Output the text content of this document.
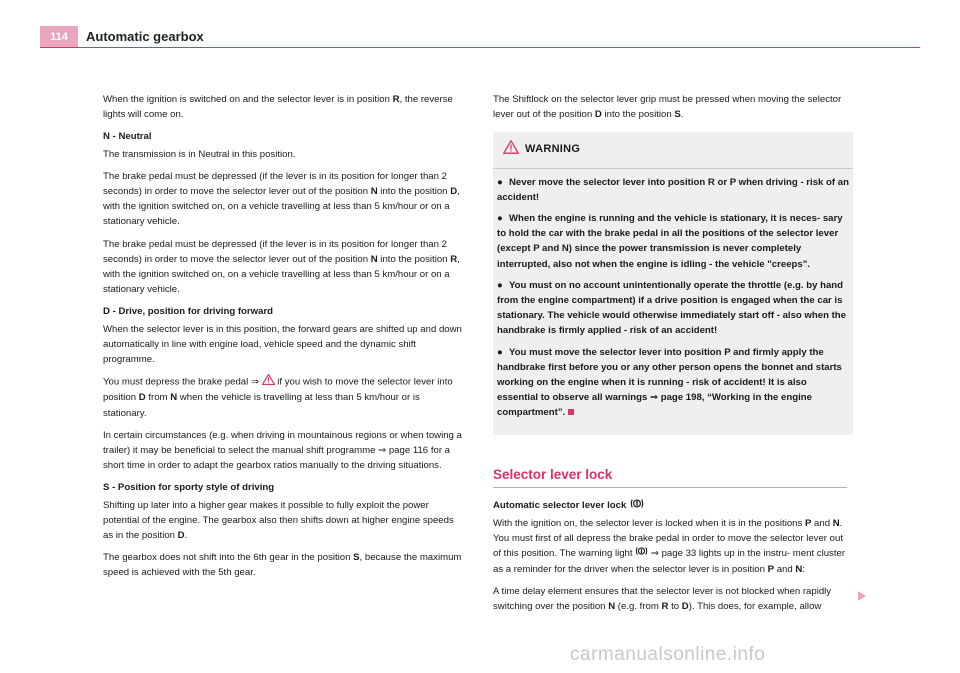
114	Automatic gearbox

When the ignition is switched on and the selector lever is in position R, the reverse lights will come on.

N - Neutral

The transmission is in Neutral in this position.

The brake pedal must be depressed (if the lever is in its position for longer than 2 seconds) in order to move the selector lever out of the position N into the position D, with the ignition switched on, on a vehicle travelling at less than 5 km/hour or on a stationary vehicle.

The brake pedal must be depressed (if the lever is in its position for longer than 2 seconds) in order to move the selector lever out of the position N into the position R, with the ignition switched on, on a vehicle travelling at less than 5 km/hour or on a stationary vehicle.

D - Drive, position for driving forward

When the selector lever is in this position, the forward gears are shifted up and down automatically in line with engine load, vehicle speed and the dynamic shift programme.

You must depress the brake pedal ⇒  if you wish to move the selector lever into position D from N when the vehicle is travelling at less than 5 km/hour or is stationary.

In certain circumstances (e.g. when driving in mountainous regions or when towing a trailer) it may be beneficial to select the manual shift programme ⇒ page 116 for a short time in order to adapt the gearbox ratios manually to the driving situations.

S - Position for sporty style of driving

Shifting up later into a higher gear makes it possible to fully exploit the power potential of the engine. The gearbox also then shifts down at higher engine speeds as in the position D.

The gearbox does not shift into the 6th gear in the position S, because the maximum speed is achieved with the 5th gear.

The Shiftlock on the selector lever grip must be pressed when moving the selector lever out of the position D into the position S.

WARNING
● Never move the selector lever into position R or P when driving - risk of an accident!
● When the engine is running and the vehicle is stationary, it is neces- sary to hold the car with the brake pedal in all the positions of the selector lever (except P and N) since the power transmission is never completely interrupted, also not when the engine is idling - the vehicle "creeps".
● You must on no account unintentionally operate the throttle (e.g. by hand from the engine compartment) if a drive position is engaged when the car is stationary. The vehicle would otherwise immediately start off - also when the handbrake is firmly applied - risk of an accident!
● You must move the selector lever into position P and firmly apply the handbrake first before you or any other person opens the bonnet and starts working on the engine when it is running - risk of accident! It is also essential to observe all warnings ⇒ page 198, “Working in the engine compartment”.
Selector lever lock
Automatic selector lever lock

With the ignition on, the selector lever is locked when it is in the positions P and N. You must first of all depress the brake pedal in order to move the selector lever out of this position. The warning light  ⇒ page 33 lights up in the instru- ment cluster as a reminder for the driver when the selector lever is in position P and N:

A time delay element ensures that the selector lever is not blocked when rapidly switching over the position N (e.g. from R to D). This does, for example, allow

carmanualsonline.info
